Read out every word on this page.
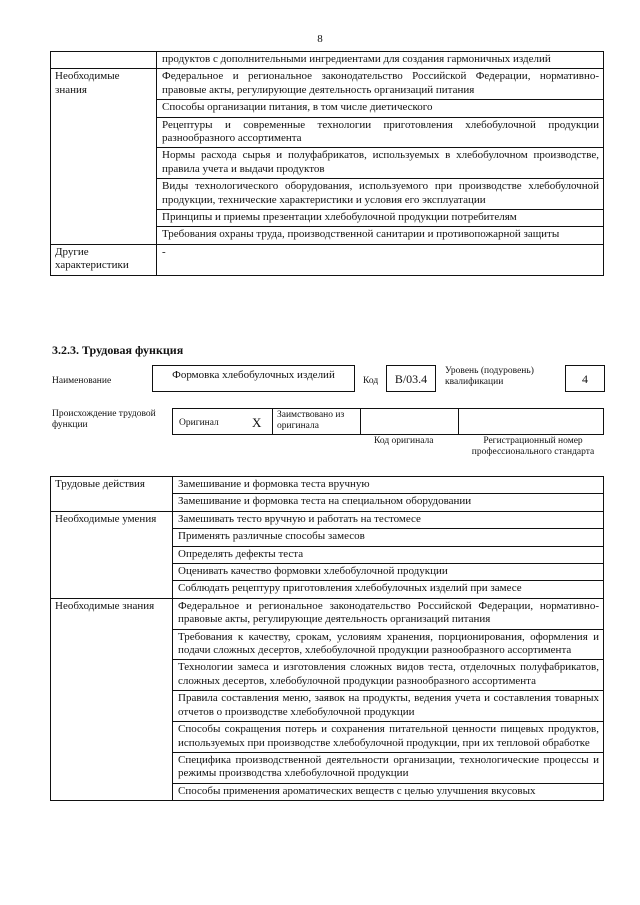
8
	продуктов с дополнительными ингредиентами для создания гармоничных изделий
Необходимые знания	Федеральное и региональное законодательство Российской Федерации, нормативно-правовые акты, регулирующие деятельность организаций питания
	Способы организации питания, в том числе диетического
	Рецептуры и современные технологии приготовления хлебобулочной продукции разнообразного ассортимента
	Нормы расхода сырья и полуфабрикатов, используемых в хлебобулочном производстве, правила учета и выдачи продуктов
	Виды технологического оборудования, используемого при производстве хлебобулочной продукции, технические характеристики и условия его эксплуатации
	Принципы и приемы презентации хлебобулочной продукции потребителям
	Требования охраны труда, производственной санитарии и противопожарной защиты
Другие характеристики	-
3.2.3. Трудовая функция
Наименование	Формовка хлебобулочных изделий	Код	B/03.4
Уровень (подуровень) квалификации	4
Происхождение трудовой функции	Оригинал	X Заимствовано из оригинала
Код оригинала	Регистрационный номер профессионального стандарта
Трудовые действия	Замешивание и формовка теста вручную
	Замешивание и формовка теста на специальном оборудовании
Необходимые умения	Замешивать тесто вручную и работать на тестомесе
	Применять различные способы замесов
	Определять дефекты теста
	Оценивать качество формовки хлебобулочной продукции
	Соблюдать рецептуру приготовления хлебобулочных изделий при замесе
Необходимые знания	Федеральное и региональное законодательство Российской Федерации, нормативно-правовые акты, регулирующие деятельность организаций питания
	Требования к качеству, срокам, условиям хранения, порционирования, оформления и подачи сложных десертов, хлебобулочной продукции разнообразного ассортимента
	Технологии замеса и изготовления сложных видов теста, отделочных полуфабрикатов, сложных десертов, хлебобулочной продукции разнообразного ассортимента
	Правила составления меню, заявок на продукты, ведения учета и составления товарных отчетов о производстве хлебобулочной продукции
	Способы сокращения потерь и сохранения питательной ценности пищевых продуктов, используемых при производстве хлебобулочной продукции, при их тепловой обработке
	Специфика производственной деятельности организации, технологические процессы и режимы производства хлебобулочной продукции
	Способы применения ароматических веществ с целью улучшения вкусовых
